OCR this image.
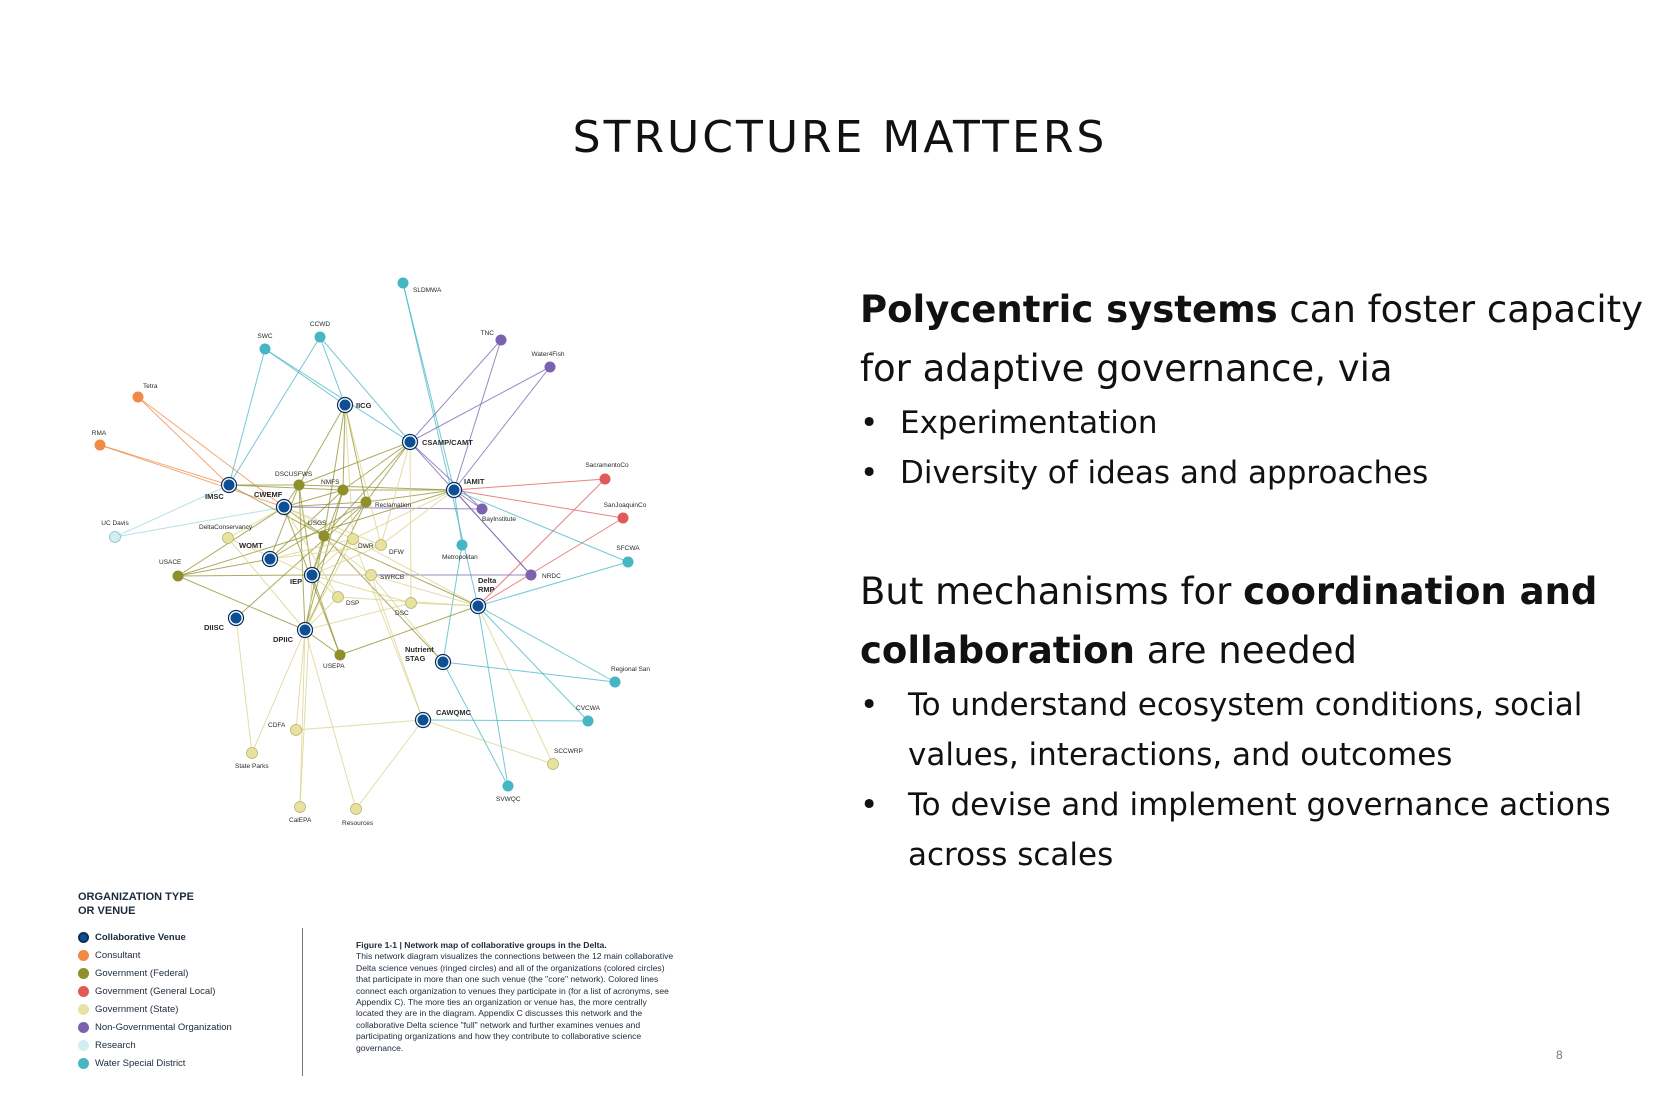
STRUCTURE MATTERS
SLDMWA
CCWD
SWC	TNC
Water4Fish
Tetra
IICG
RMA
CSAMP/CAMT
SacramentoCo
DSCUSFWS
NMFS	IAMIT
IMSC	CWEMF
Reclamation	SanJoaquinCo
BayInstitute
UC Davis
DeltaConservancy
USGS
DWR
DFW
Metropolitan
SFCWA
WOMT
USACE
IEP	SWRCB	NRDC
Delta RMP
DSP
DSC
DIISC
DPIIC
Nutrient STAG
USEPA	Regional San
CVCWA
CAWQMC
CDFA
SCCWRP
State Parks
SVWQC
CalEPA	Resources
ORGANIZATION TYPE
OR VENUE
Collaborative Venue
Consultant
Government (Federal)
Government (General Local)
Government (State)
Non-Governmental Organization
Research
Water Special District
Figure 1-1 | Network map of collaborative groups in the Delta.
This network diagram visualizes the connections between the 12 main collaborative Delta science venues (ringed circles) and all of the organizations (colored circles) that participate in more than one such venue (the "core" network). Colored lines connect each organization to venues they participate in (for a list of acronyms, see Appendix C). The more ties an organization or venue has, the more centrally located they are in the diagram. Appendix C discusses this network and the collaborative Delta science "full" network and further examines venues and participating organizations and how they contribute to collaborative science governance.
Polycentric systems can foster capacity for adaptive governance, via
• Experimentation
• Diversity of ideas and approaches
But mechanisms for coordination and collaboration are needed
• To understand ecosystem conditions, social values, interactions, and outcomes
• To devise and implement governance actions across scales
8
